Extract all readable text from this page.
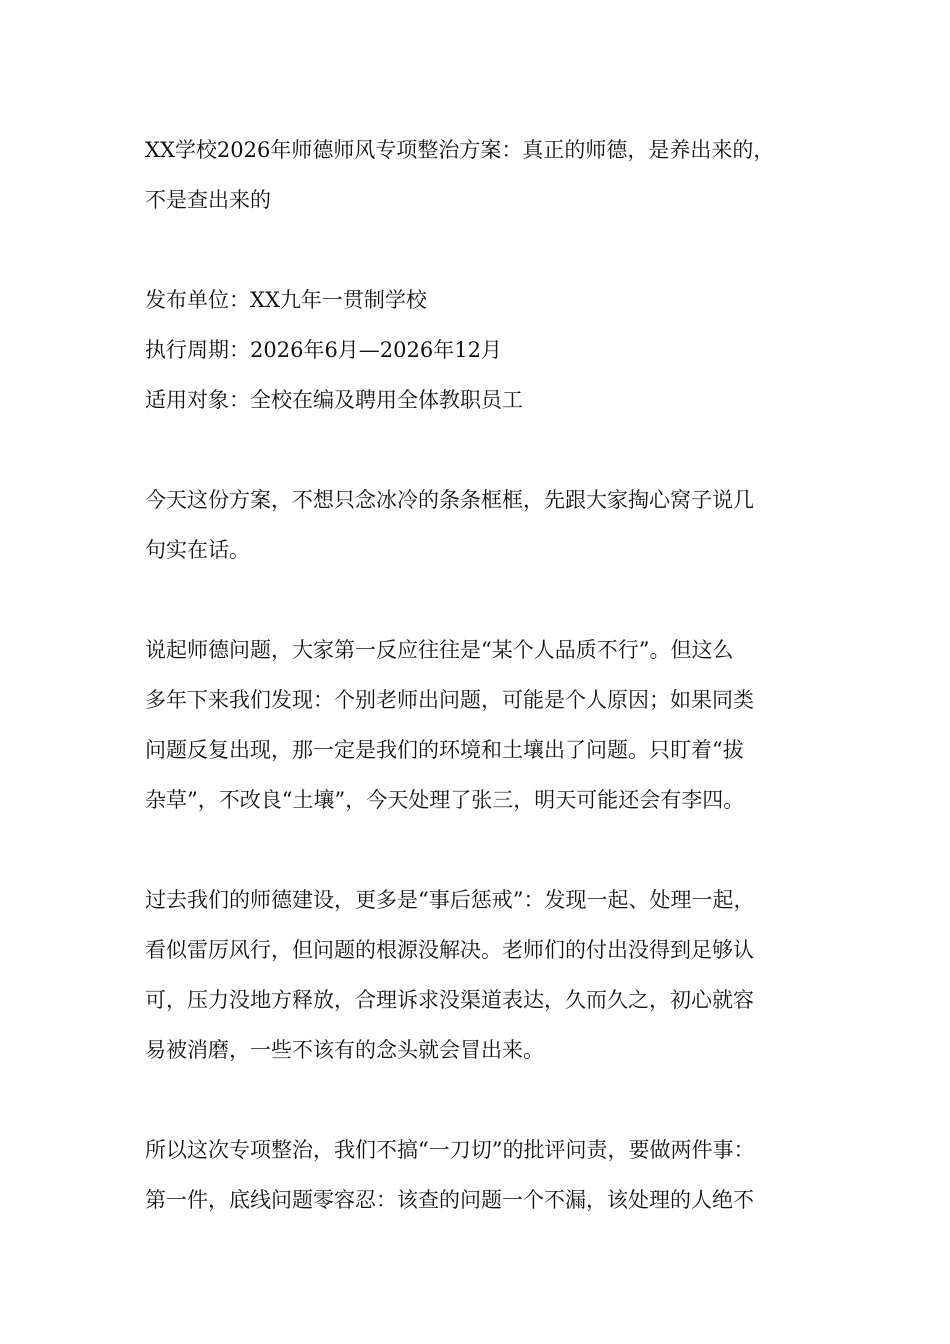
XX学校2026年师德师风专项整治方案：真正的师德，是养出来的，
不是查出来的
发布单位：XX九年一贯制学校
执行周期：2026年6月—2026年12月
适用对象：全校在编及聘用全体教职员工
今天这份方案，不想只念冰冷的条条框框，先跟大家掏心窝子说几
句实在话。
说起师德问题，大家第一反应往往是“某个人品质不行”。但这么
多年下来我们发现：个别老师出问题，可能是个人原因；如果同类
问题反复出现，那一定是我们的环境和土壤出了问题。只盯着“拔
杂草”，不改良“土壤”，今天处理了张三，明天可能还会有李四。
过去我们的师德建设，更多是“事后惩戒”：发现一起、处理一起，
看似雷厉风行，但问题的根源没解决。老师们的付出没得到足够认
可，压力没地方释放，合理诉求没渠道表达，久而久之，初心就容
易被消磨，一些不该有的念头就会冒出来。
所以这次专项整治，我们不搞“一刀切”的批评问责，要做两件事：
第一件，底线问题零容忍：该查的问题一个不漏，该处理的人绝不
